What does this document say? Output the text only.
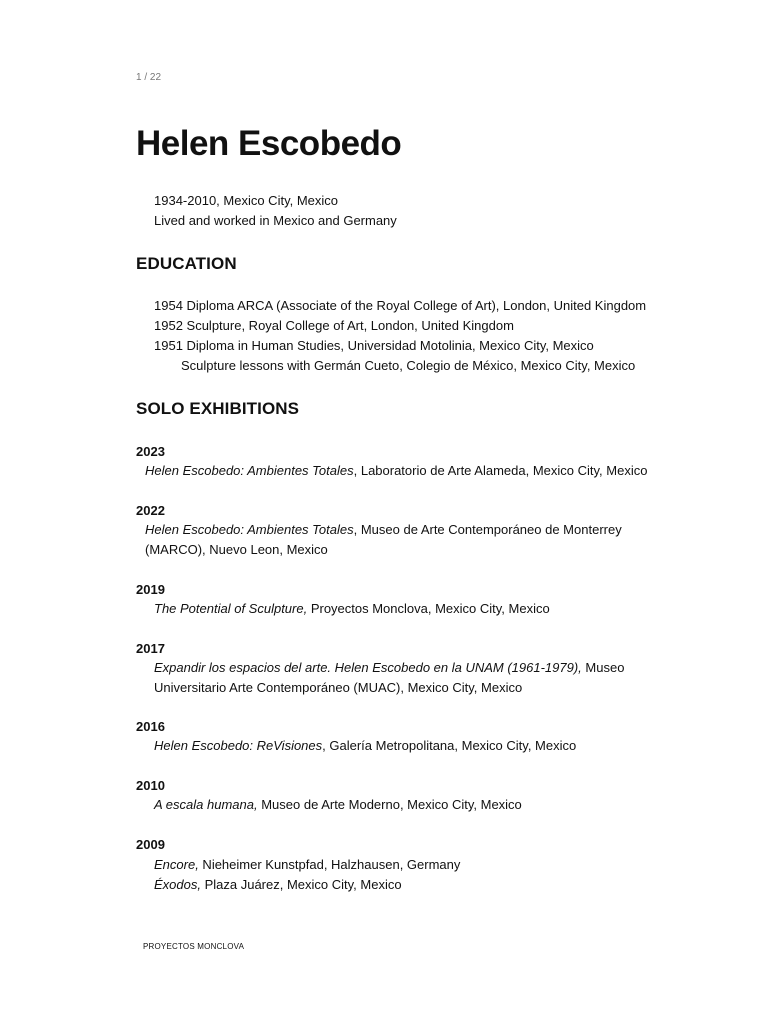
1 / 22
Helen Escobedo
1934-2010, Mexico City, Mexico
Lived and worked in Mexico and Germany
EDUCATION
1954 Diploma ARCA (Associate of the Royal College of Art), London, United Kingdom
1952 Sculpture, Royal College of Art, London, United Kingdom
1951 Diploma in Human Studies, Universidad Motolinia, Mexico City, Mexico
Sculpture lessons with Germán Cueto, Colegio de México, Mexico City, Mexico
SOLO EXHIBITIONS
2023
Helen Escobedo: Ambientes Totales, Laboratorio de Arte Alameda, Mexico City, Mexico
2022
Helen Escobedo: Ambientes Totales, Museo de Arte Contemporáneo de Monterrey (MARCO), Nuevo Leon, Mexico
2019
The Potential of Sculpture, Proyectos Monclova, Mexico City, Mexico
2017
Expandir los espacios del arte. Helen Escobedo en la UNAM (1961-1979), Museo Universitario Arte Contemporáneo (MUAC), Mexico City, Mexico
2016
Helen Escobedo: ReVisiones, Galería Metropolitana, Mexico City, Mexico
2010
A escala humana, Museo de Arte Moderno, Mexico City, Mexico
2009
Encore, Nieheimer Kunstpfad, Halzhausen, Germany
Éxodos, Plaza Juárez, Mexico City, Mexico
PROYECTOS MONCLOVA
